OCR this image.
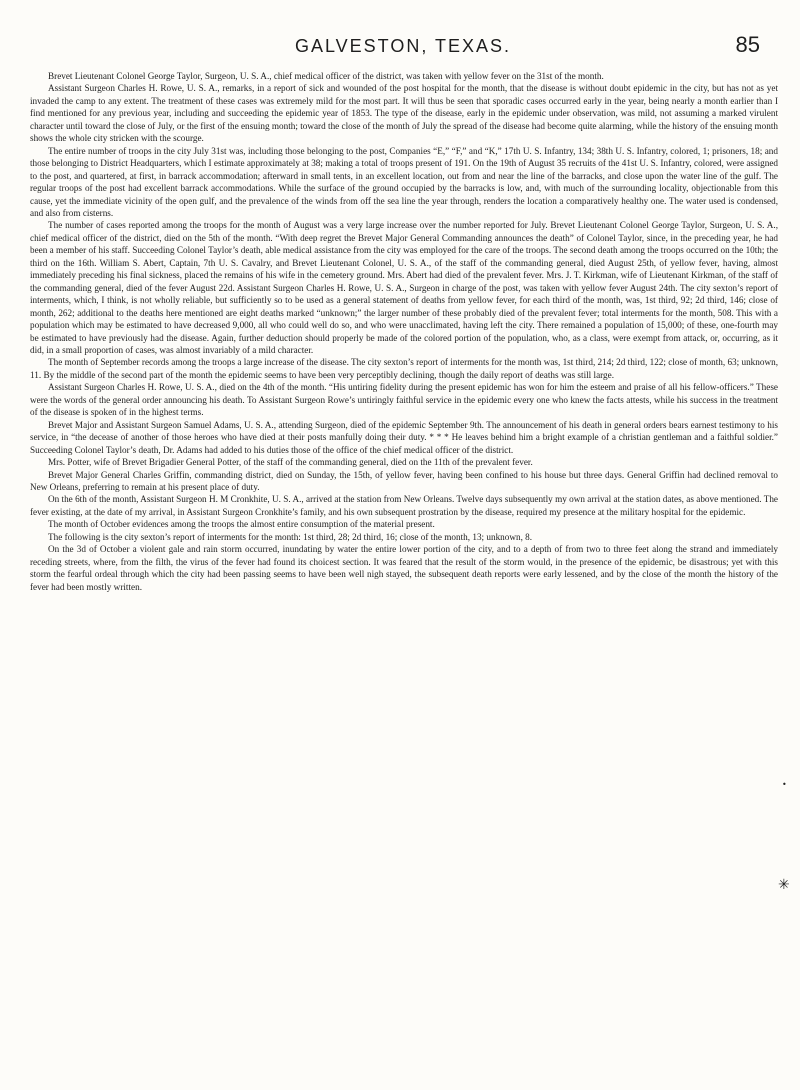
GALVESTON, TEXAS.	85

Brevet Lieutenant Colonel George Taylor, Surgeon, U. S. A., chief medical officer of the district, was taken with yellow fever on the 31st of the month.

Assistant Surgeon Charles H. Rowe, U. S. A., remarks, in a report of sick and wounded of the post hospital for the month, that the disease is without doubt epidemic in the city, but has not as yet invaded the camp to any extent. The treatment of these cases was extremely mild for the most part. It will thus be seen that sporadic cases occurred early in the year, being nearly a month earlier than I find mentioned for any previous year, including and succeeding the epidemic year of 1853. The type of the disease, early in the epidemic under observation, was mild, not assuming a marked virulent character until toward the close of July, or the first of the ensuing month; toward the close of the month of July the spread of the disease had become quite alarming, while the history of the ensuing month shows the whole city stricken with the scourge.

The entire number of troops in the city July 31st was, including those belonging to the post, Companies “E,” “F,” and “K,” 17th U. S. Infantry, 134; 38th U. S. Infantry, colored, 1; prisoners, 18; and those belonging to District Headquarters, which I estimate approximately at 38; making a total of troops present of 191. On the 19th of August 35 recruits of the 41st U. S. Infantry, colored, were assigned to the post, and quartered, at first, in barrack accommodation; afterward in small tents, in an excellent location, out from and near the line of the barracks, and close upon the water line of the gulf. The regular troops of the post had excellent barrack accommodations. While the surface of the ground occupied by the barracks is low, and, with much of the surrounding locality, objectionable from this cause, yet the immediate vicinity of the open gulf, and the prevalence of the winds from off the sea line the year through, renders the location a comparatively healthy one. The water used is condensed, and also from cisterns.

The number of cases reported among the troops for the month of August was a very large increase over the number reported for July. Brevet Lieutenant Colonel George Taylor, Surgeon, U. S. A., chief medical officer of the district, died on the 5th of the month. “With deep regret the Brevet Major General Commanding announces the death” of Colonel Taylor, since, in the preceding year, he had been a member of his staff. Succeeding Colonel Taylor’s death, able medical assistance from the city was employed for the care of the troops. The second death among the troops occurred on the 10th; the third on the 16th. William S. Abert, Captain, 7th U. S. Cavalry, and Brevet Lieutenant Colonel, U. S. A., of the staff of the commanding general, died August 25th, of yellow fever, having, almost immediately preceding his final sickness, placed the remains of his wife in the cemetery ground. Mrs. Abert had died of the prevalent fever. Mrs. J. T. Kirkman, wife of Lieutenant Kirkman, of the staff of the commanding general, died of the fever August 22d. Assistant Surgeon Charles H. Rowe, U. S. A., Surgeon in charge of the post, was taken with yellow fever August 24th. The city sexton’s report of interments, which, I think, is not wholly reliable, but sufficiently so to be used as a general statement of deaths from yellow fever, for each third of the month, was, 1st third, 92; 2d third, 146; close of month, 262; additional to the deaths here mentioned are eight deaths marked “unknown;” the larger number of these probably died of the prevalent fever; total interments for the month, 508. This with a population which may be estimated to have decreased 9,000, all who could well do so, and who were unacclimated, having left the city. There remained a population of 15,000; of these, one-fourth may be estimated to have previously had the disease. Again, further deduction should properly be made of the colored portion of the population, who, as a class, were exempt from attack, or, occurring, as it did, in a small proportion of cases, was almost invariably of a mild character.

The month of September records among the troops a large increase of the disease. The city sexton’s report of interments for the month was, 1st third, 214; 2d third, 122; close of month, 63; unknown, 11. By the middle of the second part of the month the epidemic seems to have been very perceptibly declining, though the daily report of deaths was still large.

Assistant Surgeon Charles H. Rowe, U. S. A., died on the 4th of the month. “His untiring fidelity during the present epidemic has won for him the esteem and praise of all his fellow-officers.” These were the words of the general order announcing his death. To Assistant Surgeon Rowe’s untiringly faithful service in the epidemic every one who knew the facts attests, while his success in the treatment of the disease is spoken of in the highest terms.

Brevet Major and Assistant Surgeon Samuel Adams, U. S. A., attending Surgeon, died of the epidemic September 9th. The announcement of his death in general orders bears earnest testimony to his service, in “the decease of another of those heroes who have died at their posts manfully doing their duty. * * * He leaves behind him a bright example of a christian gentleman and a faithful soldier.” Succeeding Colonel Taylor’s death, Dr. Adams had added to his duties those of the office of the chief medical officer of the district.

Mrs. Potter, wife of Brevet Brigadier General Potter, of the staff of the commanding general, died on the 11th of the prevalent fever.

Brevet Major General Charles Griffin, commanding district, died on Sunday, the 15th, of yellow fever, having been confined to his house but three days. General Griffin had declined removal to New Orleans, preferring to remain at his present place of duty.

On the 6th of the month, Assistant Surgeon H. M Cronkhite, U. S. A., arrived at the station from New Orleans. Twelve days subsequently my own arrival at the station dates, as above mentioned. The fever existing, at the date of my arrival, in Assistant Surgeon Cronkhite’s family, and his own subsequent prostration by the disease, required my presence at the military hospital for the epidemic.

The month of October evidences among the troops the almost entire consumption of the material present.

The following is the city sexton’s report of interments for the month: 1st third, 28; 2d third, 16; close of the month, 13; unknown, 8.

On the 3d of October a violent gale and rain storm occurred, inundating by water the entire lower portion of the city, and to a depth of from two to three feet along the strand and immediately receding streets, where, from the filth, the virus of the fever had found its choicest section. It was feared that the result of the storm would, in the presence of the epidemic, be disastrous; yet with this storm the fearful ordeal through which the city had been passing seems to have been well nigh stayed, the subsequent death reports were early lessened, and by the close of the month the history of the fever had been mostly written.

•
✳
